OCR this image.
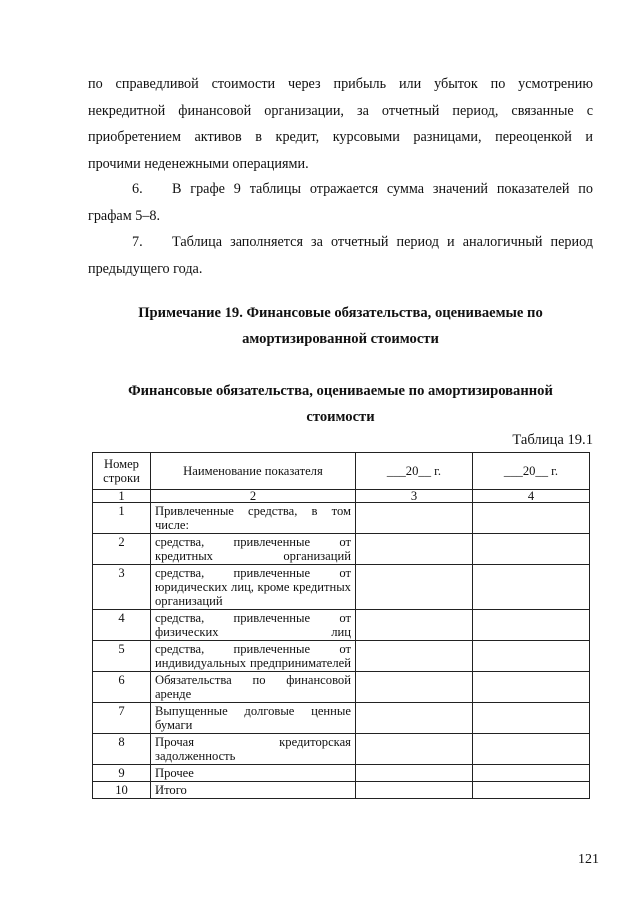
по справедливой стоимости через прибыль или убыток по усмотрению
некредитной финансовой организации, за отчетный период, связанные с
приобретением активов в кредит, курсовыми разницами, переоценкой и
прочими неденежными операциями.

6. В графе 9 таблицы отражается сумма значений показателей по
графам 5–8.

7. Таблица заполняется за отчетный период и аналогичный период
предыдущего года.

Примечание 19. Финансовые обязательства, оцениваемые по
амортизированной стоимости
Финансовые обязательства, оцениваемые по амортизированной
стоимости
Таблица 19.1
Номер строки	Наименование показателя	___20__ г.	___20__ г.
1	2	3	4
1	Привлеченные средства, в том числе:		
2	средства, привлеченные от кредитных организаций		
3	средства, привлеченные от юридических лиц, кроме кредитных организаций		
4	средства, привлеченные от физических лиц		
5	средства, привлеченные от индивидуальных предпринимателей		
6	Обязательства по финансовой аренде		
7	Выпущенные долговые ценные бумаги		
8	Прочая кредиторская задолженность		
9	Прочее		
10	Итого		
121
